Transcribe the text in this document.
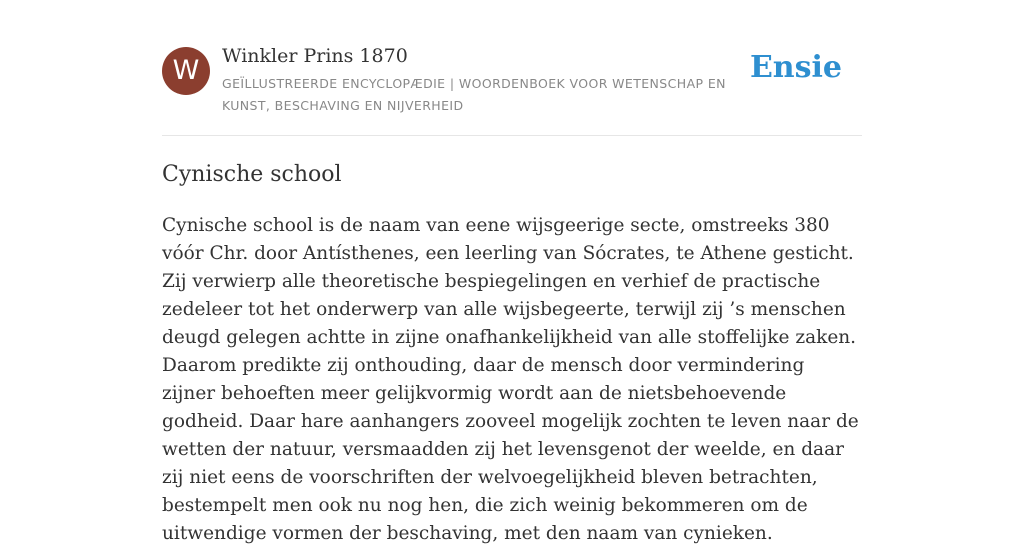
W	Winkler Prins 1870
GEÏLLUSTREERDE ENCYCLOPÆDIE | WOORDENBOEK VOOR WETENSCHAP EN KUNST, BESCHAVING EN NIJVERHEID
Ensie
Cynische school

Cynische school is de naam van eene wijsgeerige secte, omstreeks 380 vóór Chr. door Antísthenes, een leerling van Sócrates, te Athene gesticht. Zij verwierp alle theoretische bespiegelingen en verhief de practische zedeleer tot het onderwerp van alle wijsbegeerte, terwijl zij ’s menschen deugd gelegen achtte in zijne onafhankelijkheid van alle stoffelijke zaken. Daarom predikte zij onthouding, daar de mensch door vermindering zijner behoeften meer gelijkvormig wordt aan de nietsbehoevende godheid. Daar hare aanhangers zooveel mogelijk zochten te leven naar de wetten der natuur, versmaadden zij het levensgenot der weelde, en daar zij niet eens de voorschriften der welvoegelijkheid bleven betrachten, bestempelt men ook nu nog hen, die zich weinig bekommeren om de uitwendige vormen der beschaving, met den naam van cynieken.
